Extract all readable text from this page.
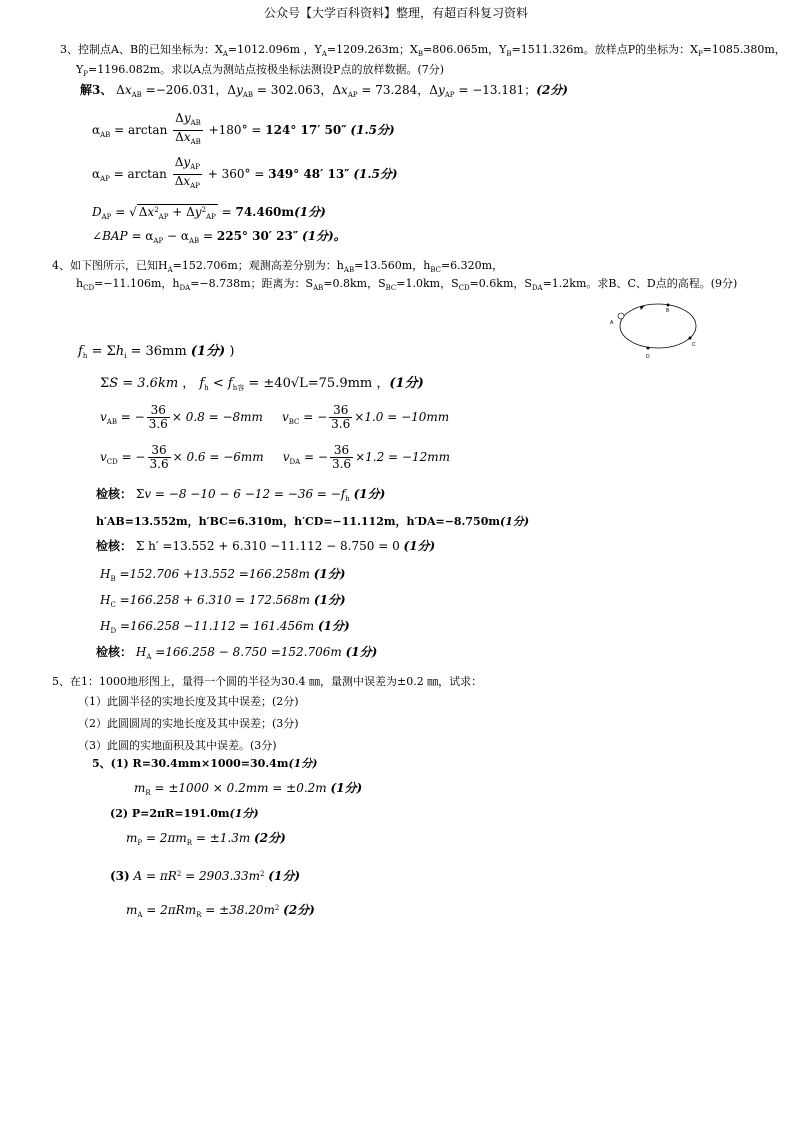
公众号【大学百科资料】整理，有超百科复习资料
3、控制点A、B的已知坐标为：$X_A=1012.096m$ ，$Y_A=1209.263m$；$X_B=806.065m$，$Y_B=1511.326m$。放样点P的坐标为：$X_P=1085.380m$，
$Y_P=1196.082m$。求以A点为测站点按极坐标法测设P点的放样数据。(7分)
解3、 $\Delta x_{AB} =-206.031$，$\Delta y_{AB} = 302.063$，$\Delta x_{AP} = 73.284$，$\Delta y_{AP} = -13.181$；(2分)
$\alpha_{AB} = \arctan \frac{\Delta y_{AB}}{\Delta x_{AB}} +180^\circ = 124^\circ$ 17′ 50″ (1.5分)
$\alpha_{AP} = \arctan \frac{\Delta y_{AP}}{\Delta x_{AP}} + 360^\circ = 349^\circ$ 48′ 13″ (1.5分)
$D_{AP}$ = √ $\Delta x^2_{AP} + \Delta y^2_{AP} = 74.460m(1$分)
∠BAP = $\alpha_{AP} - \alpha_{AB} = 225^\circ$ 30′ 23″ (1分)。
4、如下图所示，已知$H_A=152.706m$；观测高差分别为：$h_{AB}=13.560m$，$h_{BC}=6.320m$，
$h_{CD}=-11.106m$，$h_{DA}=-8.738m$；距离为：$S_{AB}=0.8km$，$S_{BC}=1.0km$，$S_{CD}=0.6km$，$S_{DA}=1.2km$。求B、C、D点的高程。(9分)
A
B
C
D
$f_h = \Sigma h_i = 36mm$ (1分) )
ΣS = 3.6km ， $f_h < f_{h容} = \pm 40√L=75.9mm$ ，(1分)
$v_{AB}$ = − $\frac{36}{3.6} \times 0.8 = -8mm$ $v_{BC}$ = − $\frac{36}{3.6} \times 1.0 = -10mm$
$v_{CD}$ = − $\frac{36}{3.6} \times 0.6 = -6mm$ $v_{DA}$ = − $\frac{36}{3.6} \times 1.2 = -12mm$
检核： $\Sigma v = -8 -10 - 6 -12 = -36 = -f_h$ (1分)
h′AB=13.552m，h′BC=6.310m，h′CD=−11.112m，h′DA=−8.750m(1分)
检核： Σ h′ =13.552 + 6.310 −11.112 − 8.750 = 0 (1分)
$H_B =152.706 +13.552 =166.258m$ (1分)
$H_C =166.258 + 6.310 = 172.568m$ (1分)
$H_D =166.258 -11.112 = 161.456m$ (1分)
检核： $H_A =166.258 - 8.750 =152.706m$ (1分)
5、在1：1000地形图上，量得一个圆的半径为30.4 ㎜，量测中误差为±0.2 ㎜，试求：
（1）此圆半径的实地长度及其中误差；(2分)
（2）此圆圆周的实地长度及其中误差；(3分)
（3）此圆的实地面积及其中误差。(3分)
5、(1) R=30.4mm×1000=30.4m(1分)
$m_R = \pm 1000 \times 0.2mm = \pm 0.2m$ (1分)
(2) P=2πR=191.0m(1分)
$m_P = 2\pi m_R = \pm 1.3m$ (2分)
(3) $A = \pi R^2 = 2903.33m^2$ (1分)
$m_A = 2\pi Rm_R = \pm 38.20m^2$ (2分)
